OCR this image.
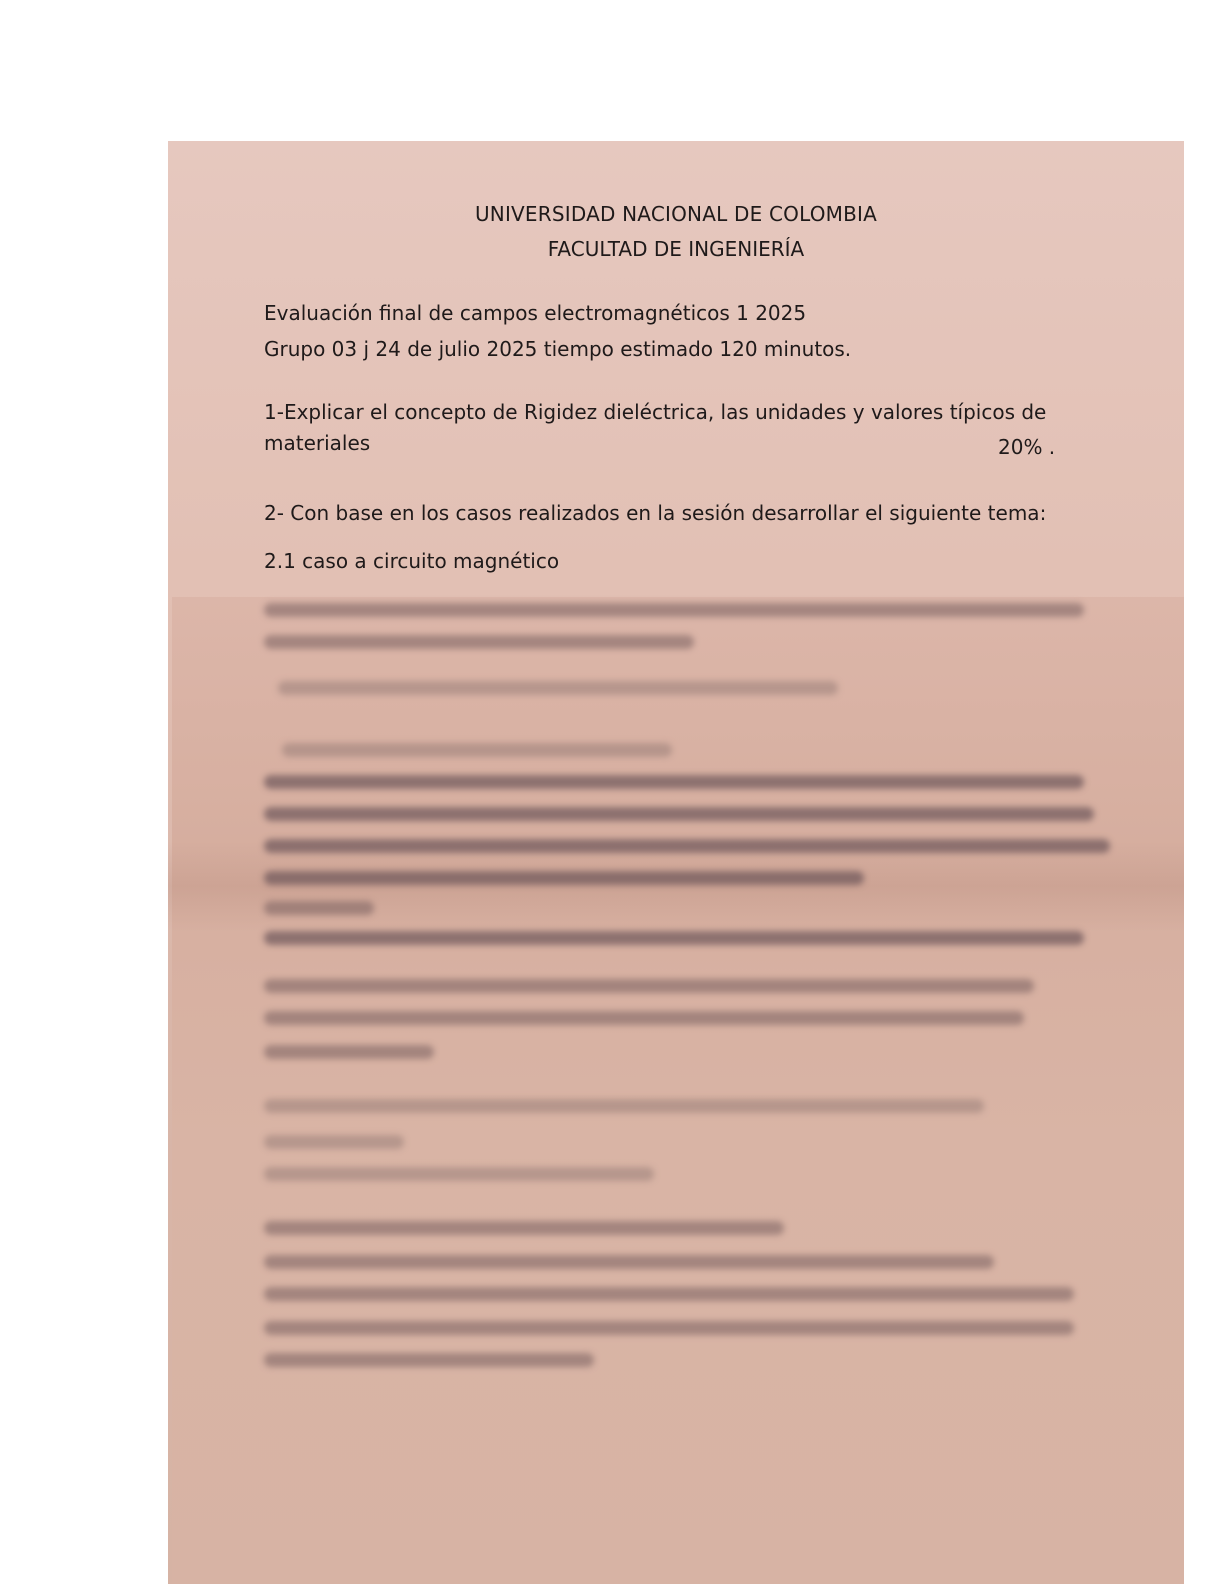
UNIVERSIDAD NACIONAL DE COLOMBIA
FACULTAD DE INGENIERÍA
Evaluación final de campos electromagnéticos 1 2025
Grupo 03 j 24 de julio 2025 tiempo estimado 120 minutos.
1-Explicar el concepto de Rigidez dieléctrica, las unidades y valores típicos de
materiales	20% .
2- Con base en los casos realizados en la sesión desarrollar el siguiente tema:
2.1 caso a circuito magnético
